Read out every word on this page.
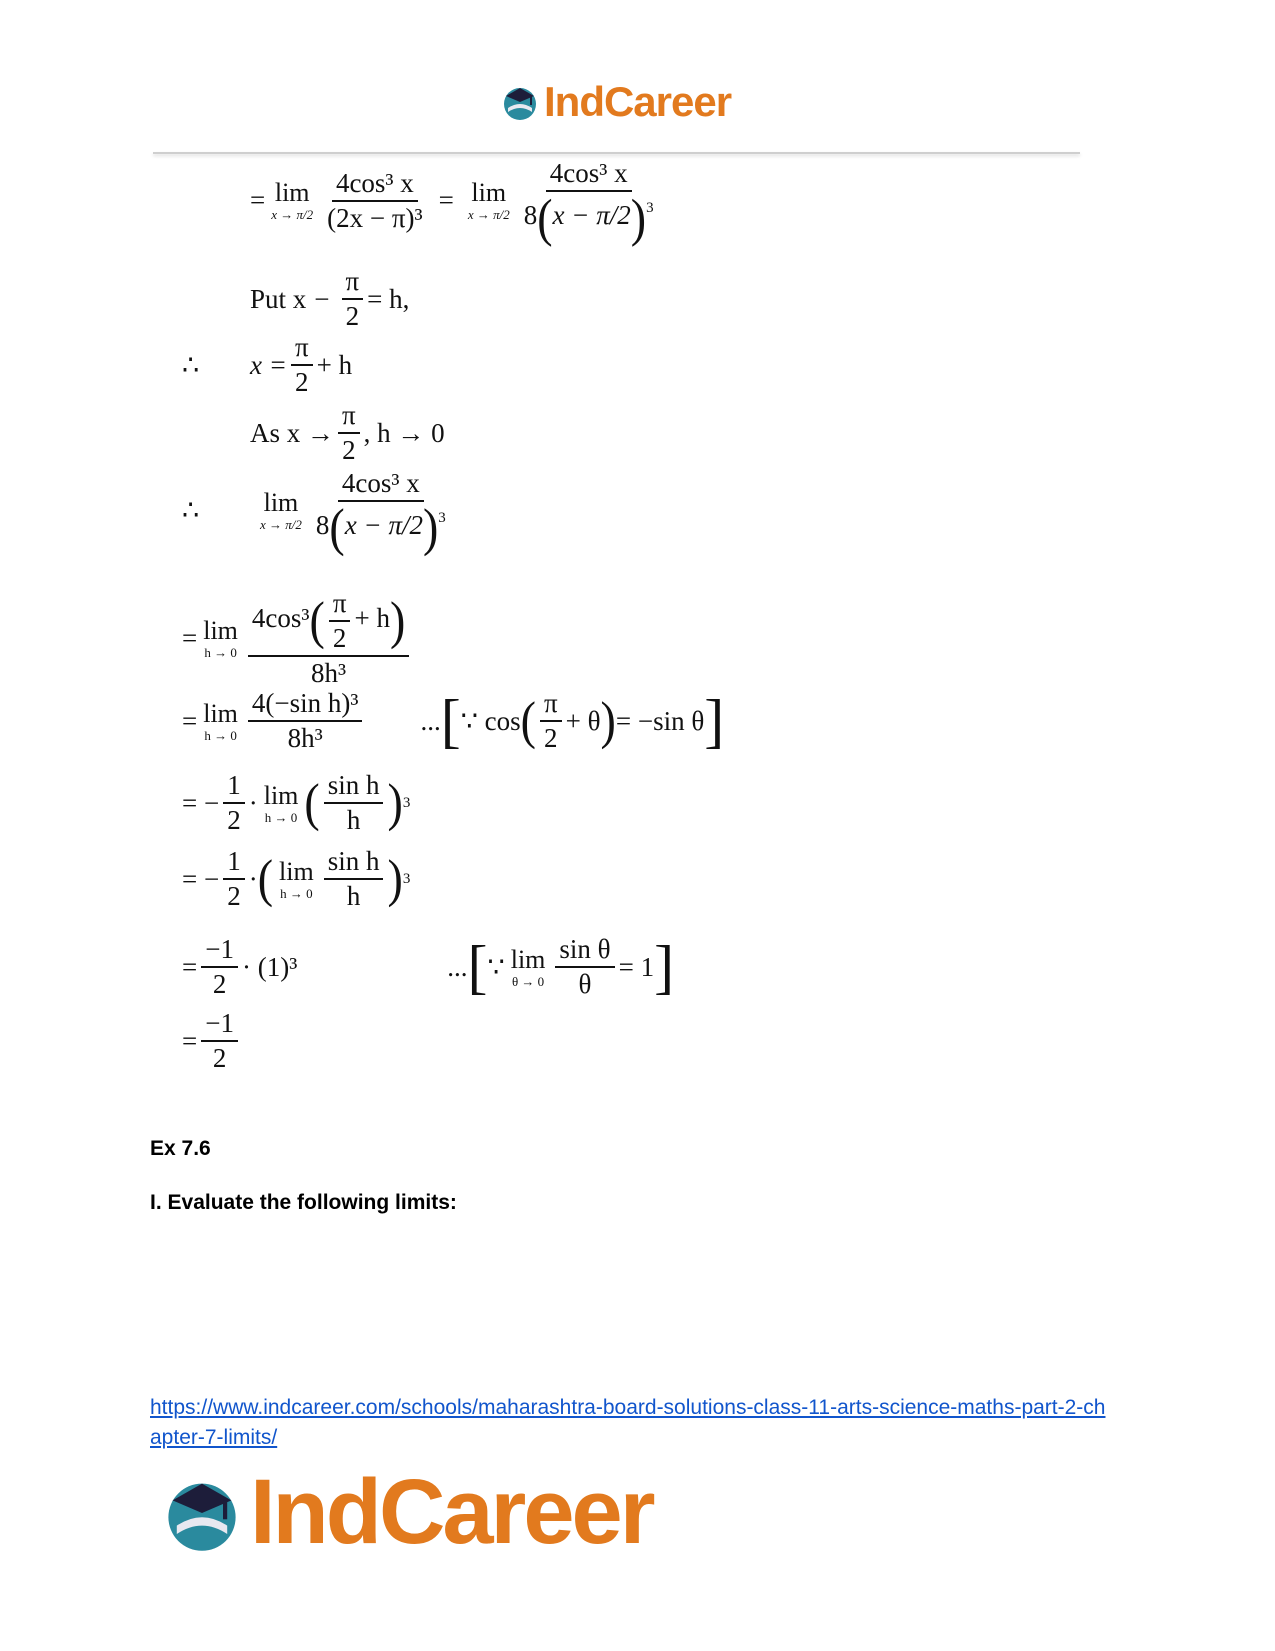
IndCareer
= lim
$x \to \pi/2 \frac{\text{4cos³ x}}{\text{(2x − π)³}} = \lim$
$x \to \pi/2 \frac{\text{4cos³ x}}{8(x - \pi/2)^3}$
Put $x - \frac{\pi}{2} = h$,
∴	$x = \frac{\pi}{2} + h$
As $x \to \frac{\pi}{2}$ , h → 0
∴	lim
$x \to \pi/2 \frac{\text{4cos³ x}}{8(x - \pi/2)^3}$
= lim
$h \to 0 \frac{4\cos^3( \frac{\pi}{2} + h)}{\text{8h³}}$
= lim
$h \to 0 \frac{\text{4(−sin h)³}}{\text{8h³}}$ ... [ ∵ cos ( $\frac{\pi}{2} + \theta$ ) = −sin θ ]
= − $\frac{1}{2} \cdot \lim$
h → 0 ( $\frac{\text{sin h}}{h}$ ) 3
= − $\frac{1}{2}$ · ( lim
$h \to 0 \frac{\text{sin h}}{h}$ ) 3
= $\frac{-1}{2} \cdot (1)^3$	... [ ∵ lim
$\theta \to 0 \frac{\text{sin θ}}{\theta} = 1$ ]
= $\frac{-1}{2}$
Ex 7.6
I. Evaluate the following limits:
https://www.indcareer.com/schools/maharashtra-board-solutions-class-11-arts-science-maths-part-2-chapter-7-limits/
IndCareer
